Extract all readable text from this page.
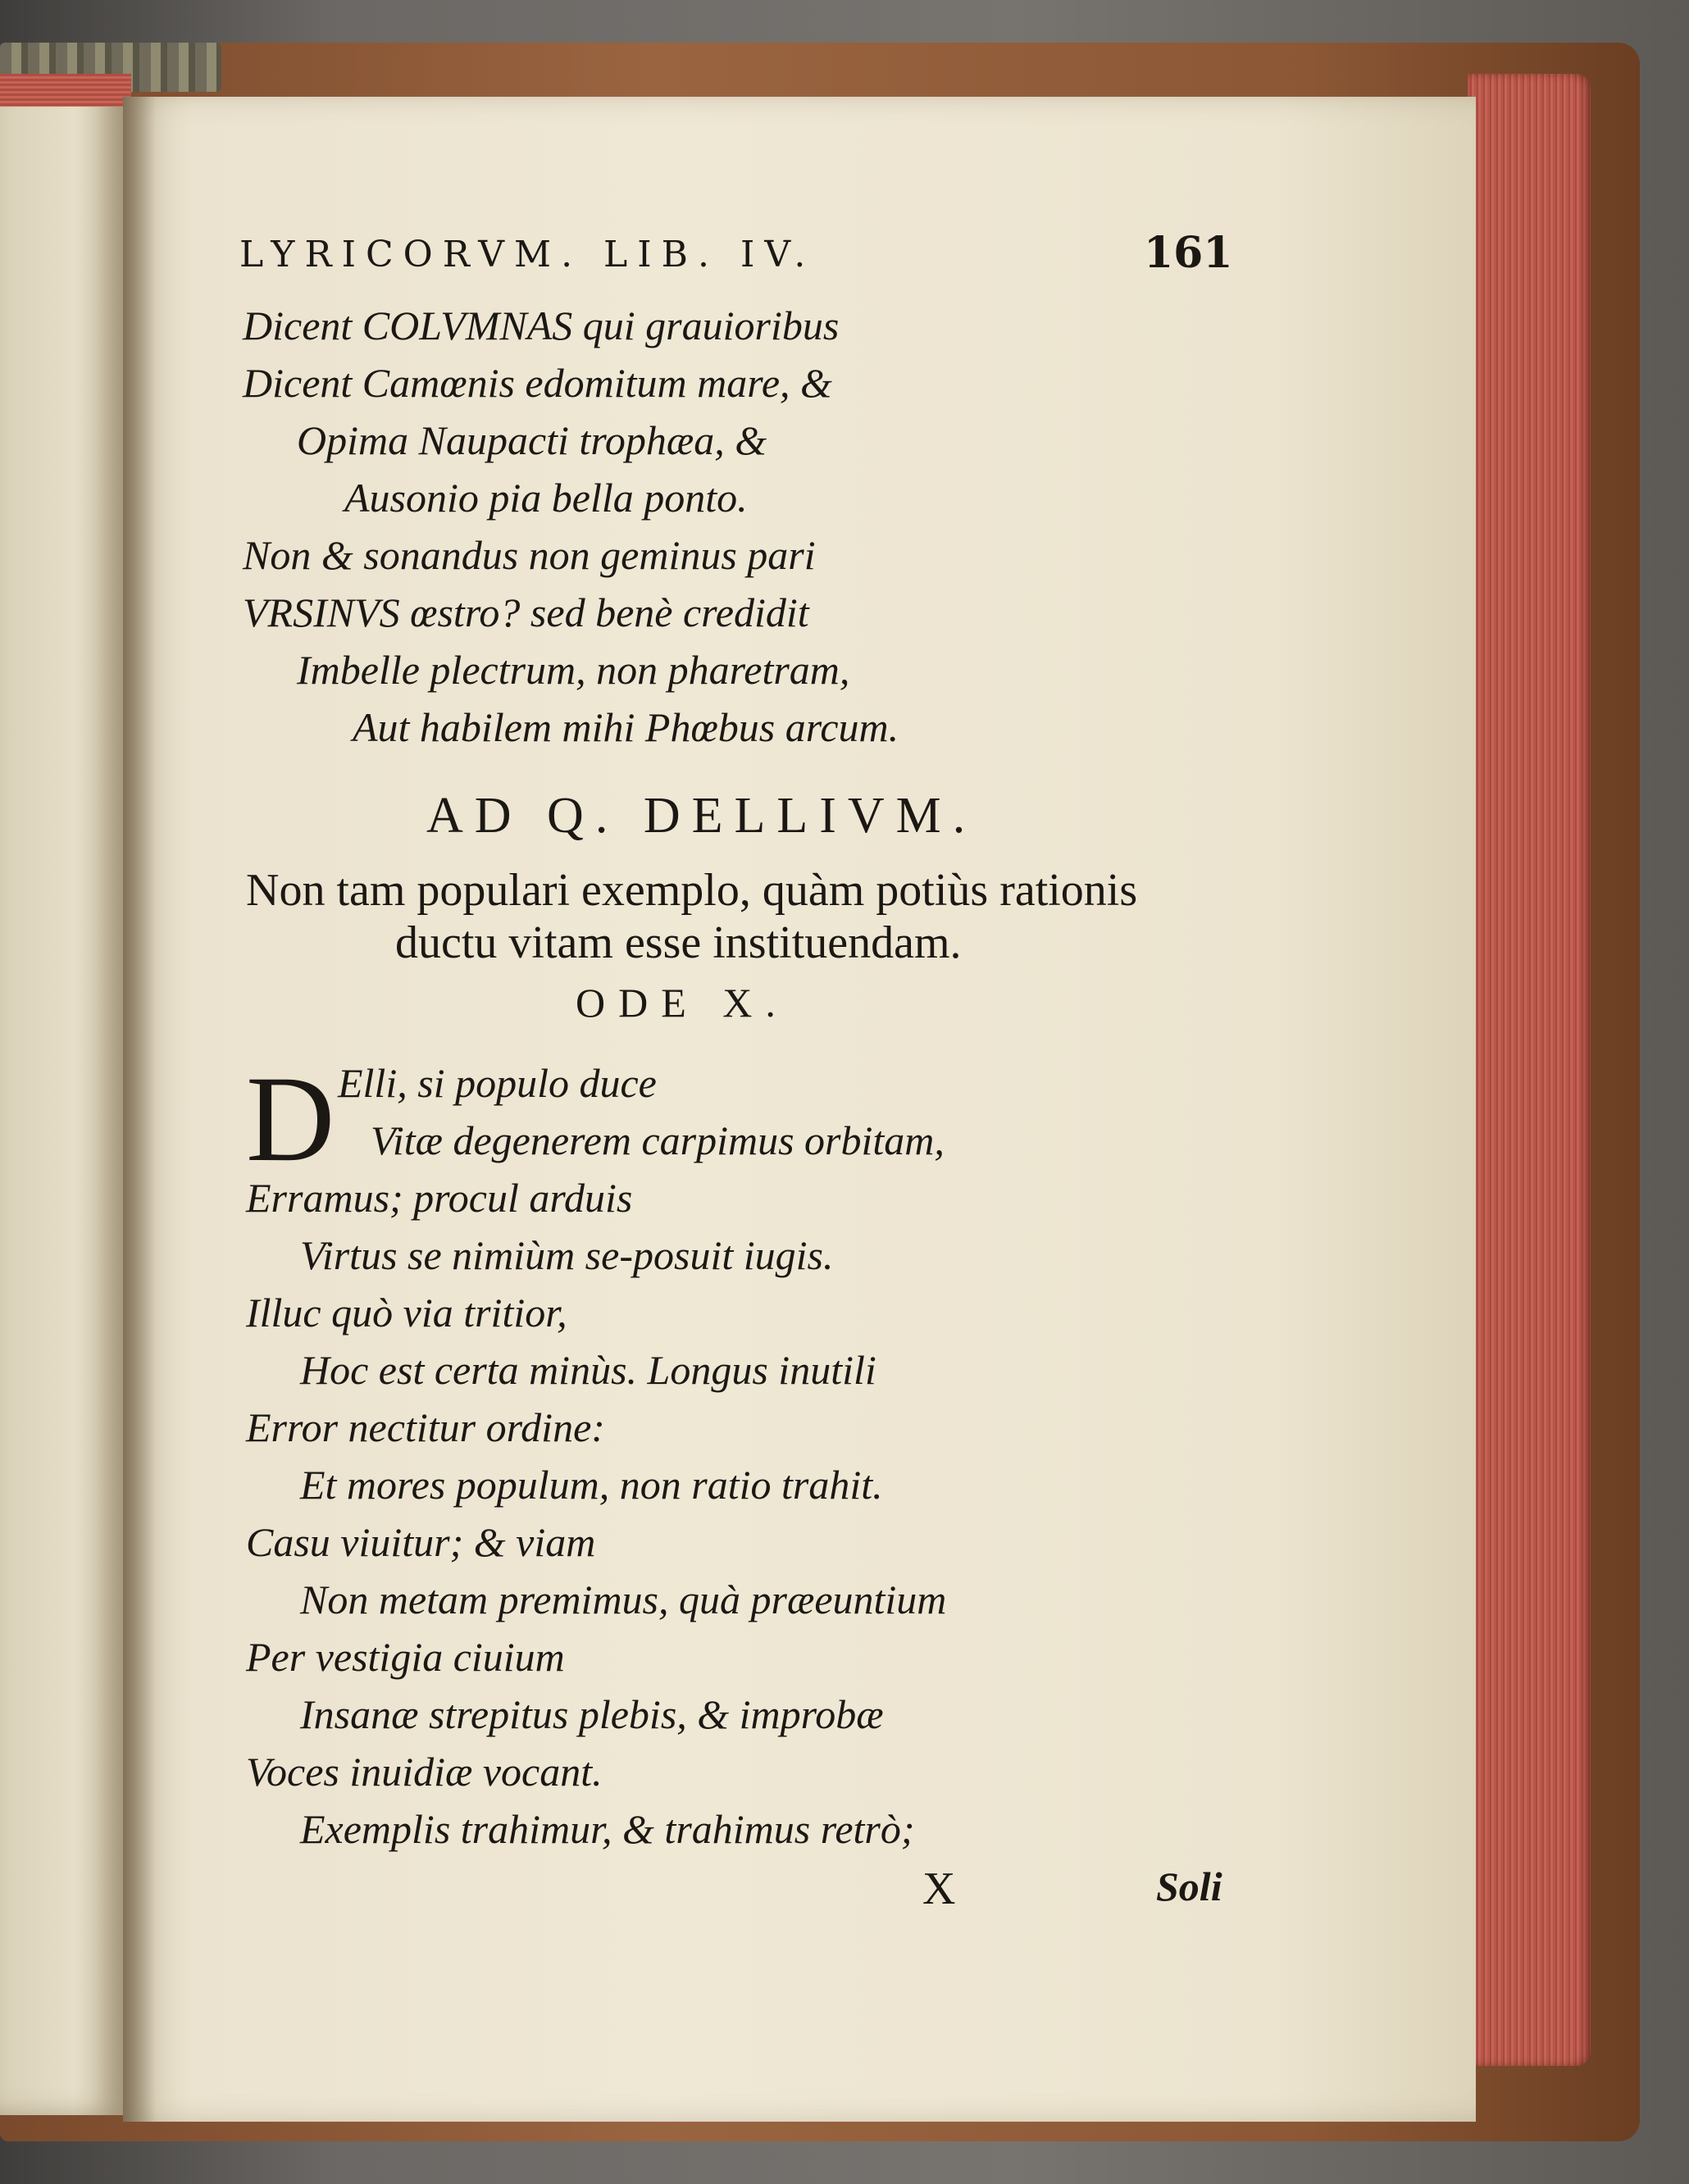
LYRICORVM. LIB. IV.	161
Dicent COLVMNAS qui grauioribus
Dicent Camœnis edomitum mare, &
Opima Naupacti trophæa, &
Ausonio pia bella ponto.
Non & sonandus non geminus pari
VRSINVS œstro? sed benè credidit
Imbelle plectrum, non pharetram,
Aut habilem mihi Phœbus arcum.
AD Q. DELLIVM.
Non tam populari exemplo, quàm potiùs rationis
ductu vitam esse instituendam.
ODE X.
D Elli, si populo duce
Vitæ degenerem carpimus orbitam,
Erramus; procul arduis
Virtus se nimiùm se-posuit iugis.
Illuc quò via tritior,
Hoc est certa minùs. Longus inutili
Error nectitur ordine:
Et mores populum, non ratio trahit.
Casu viuitur; & viam
Non metam premimus, quà præeuntium
Per vestigia ciuium
Insanæ strepitus plebis, & improbæ
Voces inuidiæ vocant.
Exemplis trahimur, & trahimus retrò;
X	Soli
